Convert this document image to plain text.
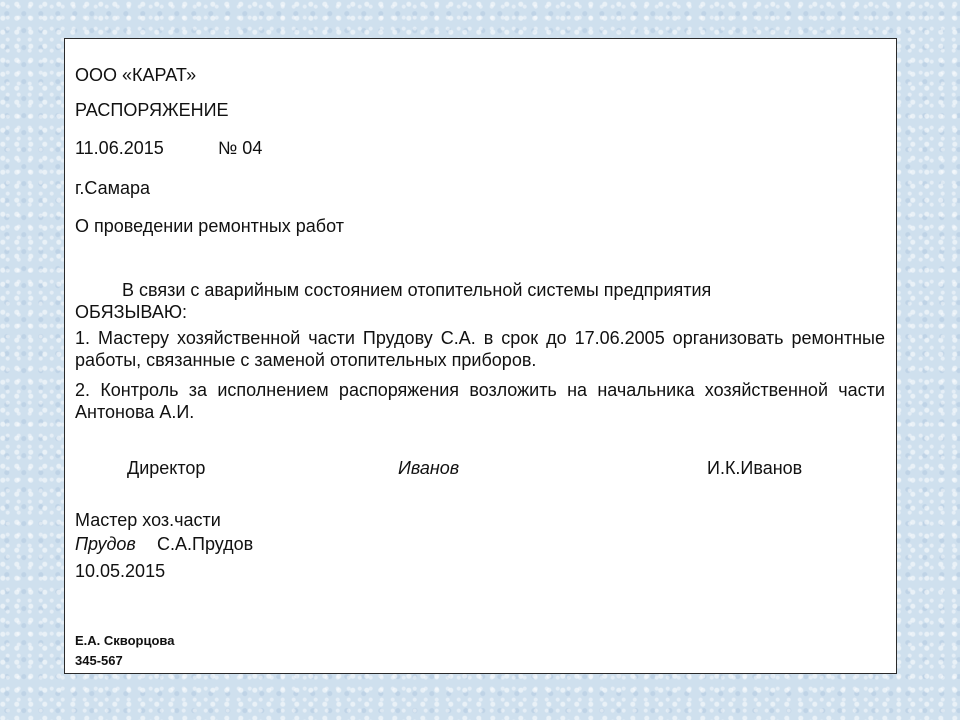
ООО «КАРАТ»

РАСПОРЯЖЕНИЕ

11.06.2015	№ 04

г.Самара

О проведении ремонтных работ

В связи с аварийным состоянием отопительной системы предприятия

ОБЯЗЫВАЮ:

1. Мастеру хозяйственной части Прудову С.А. в срок до 17.06.2005 организовать ремонтные работы, связанные с заменой отопительных приборов.

2. Контроль за исполнением распоряжения возложить на начальника хозяйственной части Антонова А.И.

Директор	Иванов	И.К.Иванов

Мастер хоз.части

Прудов С.А.Прудов

10.05.2015

Е.А. Скворцова

345-567
